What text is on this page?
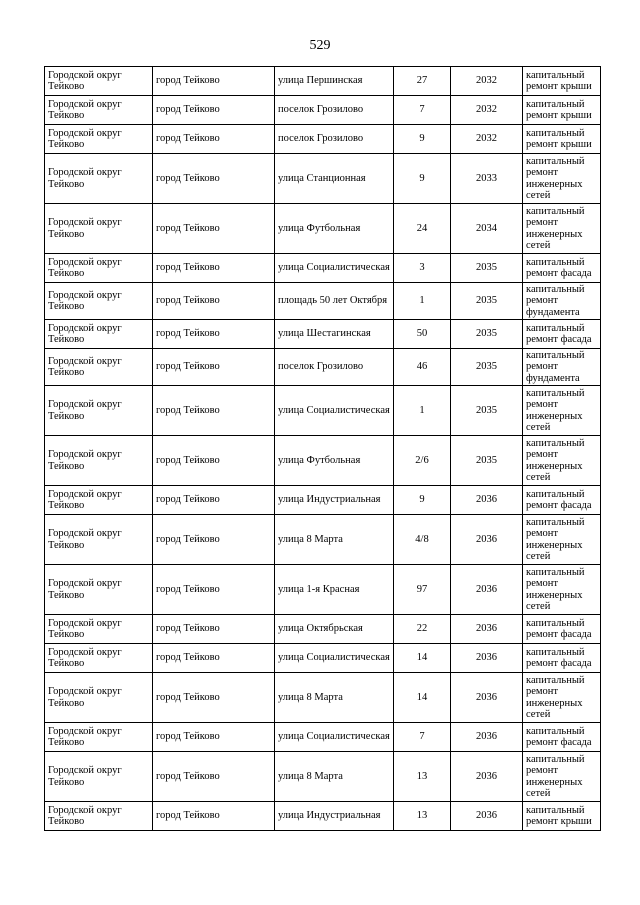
529
Городской округ Тейково	город Тейково	улица Першинская	27	2032	капитальный ремонт крыши
Городской округ Тейково	город Тейково	поселок Грозилово	7	2032	капитальный ремонт крыши
Городской округ Тейково	город Тейково	поселок Грозилово	9	2032	капитальный ремонт крыши
Городской округ Тейково	город Тейково	улица Станционная	9	2033	капитальный ремонт инженерных сетей
Городской округ Тейково	город Тейково	улица Футбольная	24	2034	капитальный ремонт инженерных сетей
Городской округ Тейково	город Тейково	улица Социалистическая	3	2035	капитальный ремонт фасада
Городской округ Тейково	город Тейково	площадь 50 лет Октября	1	2035	капитальный ремонт фундамента
Городской округ Тейково	город Тейково	улица Шестагинская	50	2035	капитальный ремонт фасада
Городской округ Тейково	город Тейково	поселок Грозилово	46	2035	капитальный ремонт фундамента
Городской округ Тейково	город Тейково	улица Социалистическая	1	2035	капитальный ремонт инженерных сетей
Городской округ Тейково	город Тейково	улица Футбольная	2/6	2035	капитальный ремонт инженерных сетей
Городской округ Тейково	город Тейково	улица Индустриальная	9	2036	капитальный ремонт фасада
Городской округ Тейково	город Тейково	улица 8 Марта	4/8	2036	капитальный ремонт инженерных сетей
Городской округ Тейково	город Тейково	улица 1-я Красная	97	2036	капитальный ремонт инженерных сетей
Городской округ Тейково	город Тейково	улица Октябрьская	22	2036	капитальный ремонт фасада
Городской округ Тейково	город Тейково	улица Социалистическая	14	2036	капитальный ремонт фасада
Городской округ Тейково	город Тейково	улица 8 Марта	14	2036	капитальный ремонт инженерных сетей
Городской округ Тейково	город Тейково	улица Социалистическая	7	2036	капитальный ремонт фасада
Городской округ Тейково	город Тейково	улица 8 Марта	13	2036	капитальный ремонт инженерных сетей
Городской округ Тейково	город Тейково	улица Индустриальная	13	2036	капитальный ремонт крыши
